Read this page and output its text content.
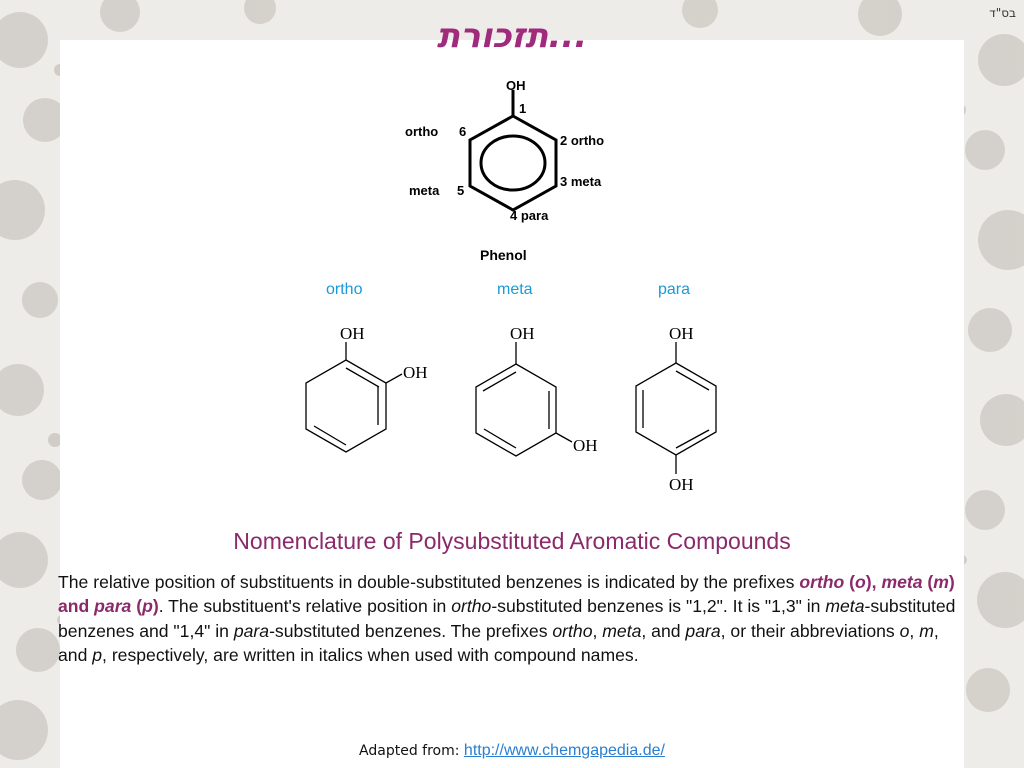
בס"ד
תזכורת...
OH
1
2 ortho
3 meta
4 para
meta 5
ortho 6
Phenol
ortho	meta	para
OH
OH
OH
OH
OH
OH
Nomenclature of Polysubstituted Aromatic Compounds
The relative position of substituents in double-substituted benzenes is indicated by the prefixes ortho (o), meta (m) and para (p). The substituent's relative position in ortho-substituted benzenes is "1,2". It is "1,3" in meta-substituted benzenes and "1,4" in para-substituted benzenes. The prefixes ortho, meta, and para, or their abbreviations o, m, and p, respectively, are written in italics when used with compound names.
Adapted from: http://www.chemgapedia.de/
